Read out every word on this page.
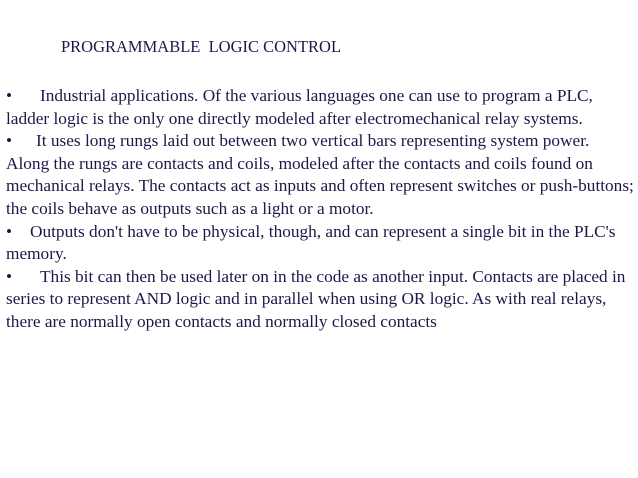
PROGRAMMABLE  LOGIC CONTROL

• Industrial applications. Of the various languages one can use to program a PLC, ladder logic is the only one directly modeled after electromechanical relay systems.

• It uses long rungs laid out between two vertical bars representing system power. Along the rungs are contacts and coils, modeled after the contacts and coils found on mechanical relays. The contacts act as inputs and often represent switches or push-buttons; the coils behave as outputs such as a light or a motor.

• Outputs don't have to be physical, though, and can represent a single bit in the PLC's memory.

• This bit can then be used later on in the code as another input. Contacts are placed in series to represent AND logic and in parallel when using OR logic. As with real relays, there are normally open contacts and normally closed contacts
